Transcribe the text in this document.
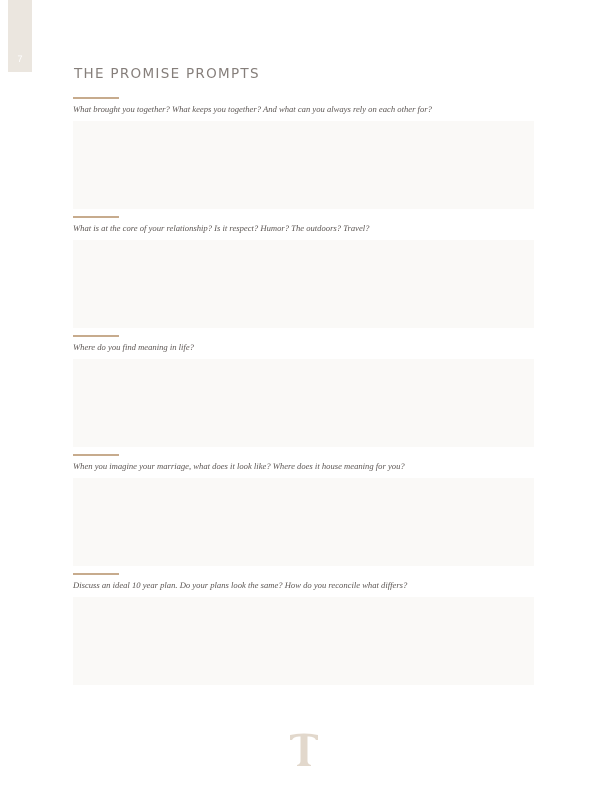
7
THE PROMISE PROMPTS
What brought you together? What keeps you together? And what can you always rely on each other for?
What is at the core of your relationship? Is it respect? Humor? The outdoors? Travel?
Where do you find meaning in life?
When you imagine your marriage, what does it look like? Where does it house meaning for you?
Discuss an ideal 10 year plan. Do your plans look the same? How do you reconcile what differs?
